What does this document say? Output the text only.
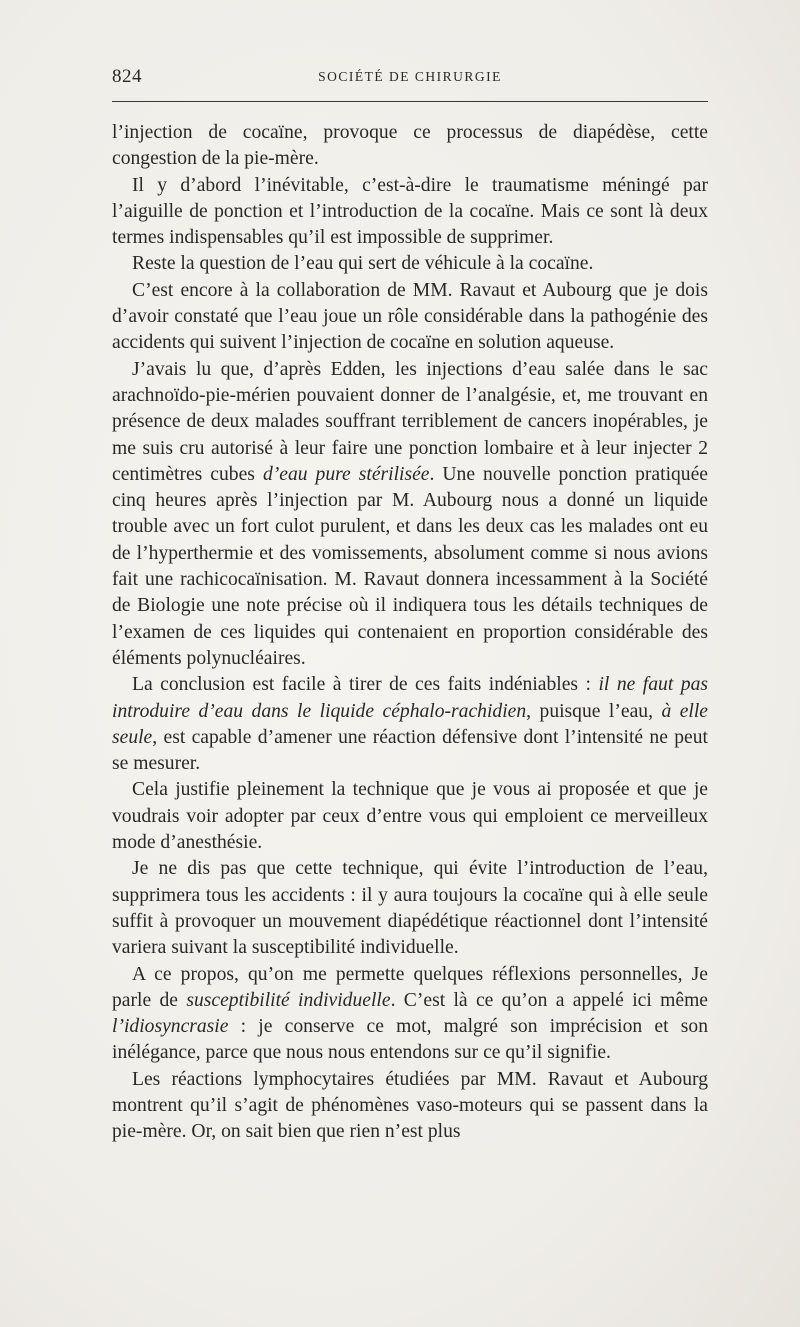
824	SOCIÉTÉ DE CHIRURGIE

l’injection de cocaïne, provoque ce processus de diapédèse, cette congestion de la pie-mère.

Il y d’abord l’inévitable, c’est-à-dire le traumatisme méningé par l’aiguille de ponction et l’introduction de la cocaïne. Mais ce sont là deux termes indispensables qu’il est impossible de supprimer.

Reste la question de l’eau qui sert de véhicule à la cocaïne.

C’est encore à la collaboration de MM. Ravaut et Aubourg que je dois d’avoir constaté que l’eau joue un rôle considérable dans la pathogénie des accidents qui suivent l’injection de cocaïne en solution aqueuse.

J’avais lu que, d’après Edden, les injections d’eau salée dans le sac arachnoïdo-pie-mérien pouvaient donner de l’analgésie, et, me trouvant en présence de deux malades souffrant terriblement de cancers inopérables, je me suis cru autorisé à leur faire une ponction lombaire et à leur injecter 2 centimètres cubes d’eau pure stérilisée. Une nouvelle ponction pratiquée cinq heures après l’injection par M. Aubourg nous a donné un liquide trouble avec un fort culot purulent, et dans les deux cas les malades ont eu de l’hyperthermie et des vomissements, absolument comme si nous avions fait une rachicocaïnisation. M. Ravaut donnera incessamment à la Société de Biologie une note précise où il indiquera tous les détails techniques de l’examen de ces liquides qui contenaient en proportion considérable des éléments polynucléaires.

La conclusion est facile à tirer de ces faits indéniables : il ne faut pas introduire d’eau dans le liquide céphalo-rachidien, puisque l’eau, à elle seule, est capable d’amener une réaction défensive dont l’intensité ne peut se mesurer.

Cela justifie pleinement la technique que je vous ai proposée et que je voudrais voir adopter par ceux d’entre vous qui emploient ce merveilleux mode d’anesthésie.

Je ne dis pas que cette technique, qui évite l’introduction de l’eau, supprimera tous les accidents : il y aura toujours la cocaïne qui à elle seule suffit à provoquer un mouvement diapédétique réactionnel dont l’intensité variera suivant la susceptibilité individuelle.

A ce propos, qu’on me permette quelques réflexions personnelles, Je parle de susceptibilité individuelle. C’est là ce qu’on a appelé ici même l’idiosyncrasie : je conserve ce mot, malgré son imprécision et son inélégance, parce que nous nous entendons sur ce qu’il signifie.

Les réactions lymphocytaires étudiées par MM. Ravaut et Aubourg montrent qu’il s’agit de phénomènes vaso-moteurs qui se passent dans la pie-mère. Or, on sait bien que rien n’est plus
